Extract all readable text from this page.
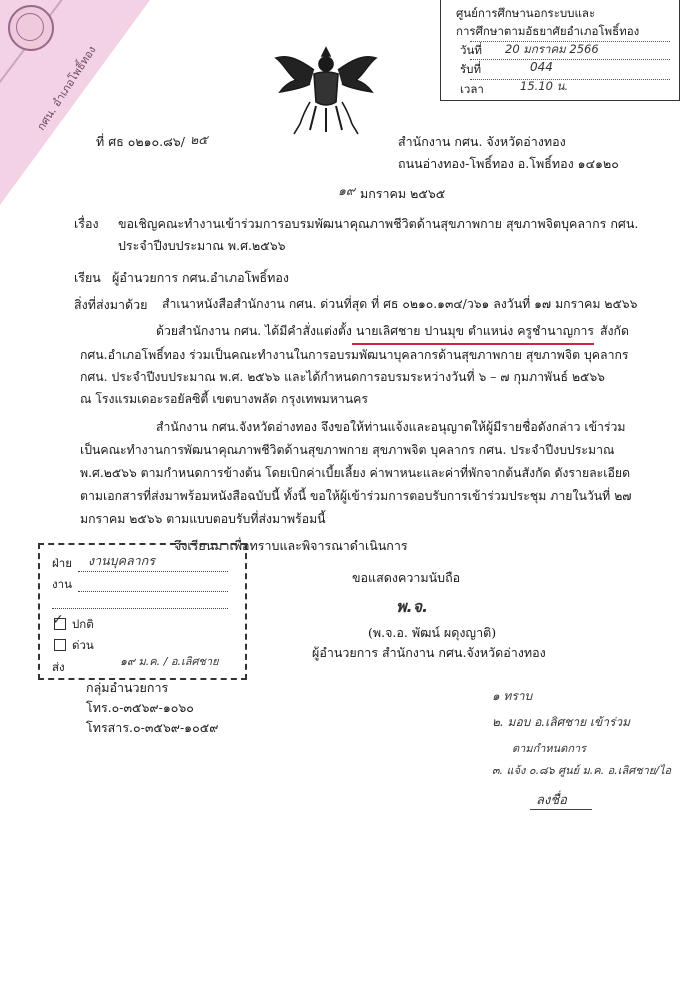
กศน. อำเภอโพธิ์ทอง
ศูนย์การศึกษานอกระบบและ
การศึกษาตามอัธยาศัยอำเภอโพธิ์ทอง
วันที่ 20 มกราคม 2566
รับที่	044
เวลา	15.10 น.
ที่ ศธ ๐๒๑๐.๘๖/ ๒๕	สำนักงาน กศน. จังหวัดอ่างทอง
ถนนอ่างทอง-โพธิ์ทอง อ.โพธิ์ทอง ๑๔๑๒๐
๑๙ มกราคม ๒๕๖๕
เรื่อง ขอเชิญคณะทำงานเข้าร่วมการอบรมพัฒนาคุณภาพชีวิตด้านสุขภาพกาย สุขภาพจิตบุคลากร กศน.
ประจำปีงบประมาณ พ.ศ.๒๕๖๖
เรียน ผู้อำนวยการ กศน.อำเภอโพธิ์ทอง
สิ่งที่ส่งมาด้วย สำเนาหนังสือสำนักงาน กศน. ด่วนที่สุด ที่ ศธ ๐๒๑๐.๑๓๔/ว๖๑ ลงวันที่ ๑๗ มกราคม ๒๕๖๖
ด้วยสำนักงาน กศน. ได้มีคำสั่งแต่งตั้ง นายเลิศชาย ปานมุข ตำแหน่ง ครูชำนาญการ สังกัด
กศน.อำเภอโพธิ์ทอง ร่วมเป็นคณะทำงานในการอบรมพัฒนาบุคลากรด้านสุขภาพกาย สุขภาพจิต บุคลากร
กศน. ประจำปีงบประมาณ พ.ศ. ๒๕๖๖ และได้กำหนดการอบรมระหว่างวันที่ ๖ – ๗ กุมภาพันธ์ ๒๕๖๖
ณ โรงแรมเดอะรอยัลซิตี้ เขตบางพลัด กรุงเทพมหานคร
สำนักงาน กศน.จังหวัดอ่างทอง จึงขอให้ท่านแจ้งและอนุญาตให้ผู้มีรายชื่อดังกล่าว เข้าร่วม
เป็นคณะทำงานการพัฒนาคุณภาพชีวิตด้านสุขภาพกาย สุขภาพจิต บุคลากร กศน. ประจำปีงบประมาณ
พ.ศ.๒๕๖๖ ตามกำหนดการข้างต้น โดยเบิกค่าเบี้ยเลี้ยง ค่าพาหนะและค่าที่พักจากต้นสังกัด ดังรายละเอียด
ตามเอกสารที่ส่งมาพร้อมหนังสือฉบับนี้ ทั้งนี้ ขอให้ผู้เข้าร่วมการตอบรับการเข้าร่วมประชุม ภายในวันที่ ๒๗
มกราคม ๒๕๖๖ ตามแบบตอบรับที่ส่งมาพร้อมนี้
จึงเรียนมาเพื่อทราบและพิจารณาดำเนินการ
ขอแสดงความนับถือ
พ.จ.
(พ.จ.อ. พัฒน์ ผดุงญาติ)
ผู้อำนวยการ สำนักงาน กศน.จังหวัดอ่างทอง
ฝ่าย งานบุคลากร
งาน
✓ ปกติ
ด่วน
ส่ง	๑๙ ม.ค. / อ.เลิศชาย
กลุ่มอำนวยการ
โทร.๐-๓๕๖๙-๑๐๖๐
โทรสาร.๐-๓๕๖๙-๑๐๕๙
๑ ทราบ
๒. มอบ อ.เลิศชาย เข้าร่วม
ตามกำหนดการ
๓. แจ้ง ๐.๘๖ ศูนย์ ม.ค. อ.เลิศชาย/ไอ
ลงชื่อ
